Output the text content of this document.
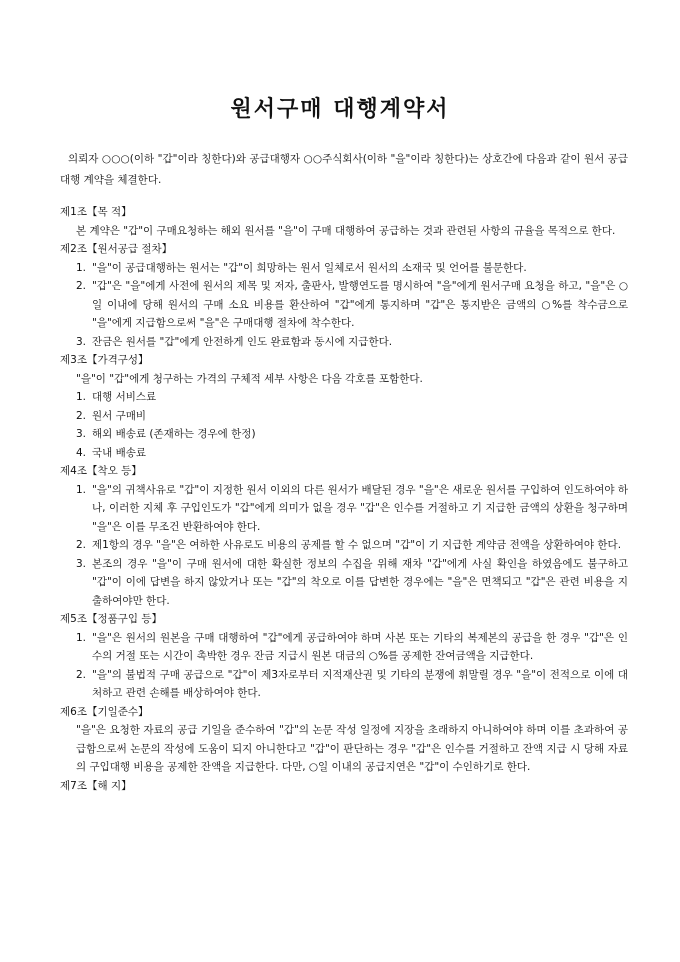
원서구매 대행계약서
의뢰자 ○○○(이하 "갑"이라 칭한다)와 공급대행자 ○○주식회사(이하 "을"이라 칭한다)는 상호간에 다음과 같이 원서 공급대행 계약을 체결한다.
제1조【목 적】
본 계약은 "갑"이 구매요청하는 해외 원서를 "을"이 구매 대행하여 공급하는 것과 관련된 사항의 규율을 목적으로 한다.
제2조【원서공급 절차】
1. "을"이 공급대행하는 원서는 "갑"이 희망하는 원서 일체로서 원서의 소재국 및 언어를 불문한다.
2. "갑"은 "을"에게 사전에 원서의 제목 및 저자, 출판사, 발행연도를 명시하여 "을"에게 원서구매 요청을 하고, "을"은 ○일 이내에 당해 원서의 구매 소요 비용를 환산하여 "갑"에게 통지하며 "갑"은 통지받은 금액의 ○%를 착수금으로 "을"에게 지급함으로써 "을"은 구매대행 절차에 착수한다.
3. 잔금은 원서를 "갑"에게 안전하게 인도 완료함과 동시에 지급한다.
제3조【가격구성】
"을"이 "갑"에게 청구하는 가격의 구체적 세부 사항은 다음 각호를 포함한다.
1. 대행 서비스료
2. 원서 구매비
3. 해외 배송료 (존재하는 경우에 한정)
4. 국내 배송료
제4조【착오 등】
1. "을"의 귀책사유로 "갑"이 지정한 원서 이외의 다른 원서가 배달된 경우 "을"은 새로운 원서를 구입하여 인도하여야 하나, 이러한 지체 후 구입인도가 "갑"에게 의미가 없을 경우 "갑"은 인수를 거절하고 기 지급한 금액의 상환을 청구하며 "을"은 이를 무조건 반환하여야 한다.
2. 제1항의 경우 "을"은 여하한 사유로도 비용의 공제를 할 수 없으며 "갑"이 기 지급한 계약금 전액을 상환하여야 한다.
3. 본조의 경우 "을"이 구매 원서에 대한 확실한 정보의 수집을 위해 재차 "갑"에게 사실 확인을 하였음에도 불구하고 "갑"이 이에 답변을 하지 않았거나 또는 "갑"의 착오로 이를 답변한 경우에는 "을"은 면책되고 "갑"은 관련 비용을 지출하여야만 한다.
제5조【정품구입 등】
1. "을"은 원서의 원본을 구매 대행하여 "갑"에게 공급하여야 하며 사본 또는 기타의 복제본의 공급을 한 경우 "갑"은 인수의 거절 또는 시간이 촉박한 경우 잔금 지급시 원본 대금의 ○%를 공제한 잔여금액을 지급한다.
2. "을"의 불법적 구매 공급으로 "갑"이 제3자로부터 지적재산권 및 기타의 분쟁에 휘말릴 경우 "을"이 전적으로 이에 대처하고 관련 손해를 배상하여야 한다.
제6조【기일준수】
"을"은 요청한 자료의 공급 기일을 준수하여 "갑"의 논문 작성 일정에 지장을 초래하지 아니하여야 하며 이를 초과하여 공급함으로써 논문의 작성에 도움이 되지 아니한다고 "갑"이 판단하는 경우 "갑"은 인수를 거절하고 잔액 지급 시 당해 자료의 구입대행 비용을 공제한 잔액을 지급한다. 다만, ○일 이내의 공급지연은 "갑"이 수인하기로 한다.
제7조【해 지】
